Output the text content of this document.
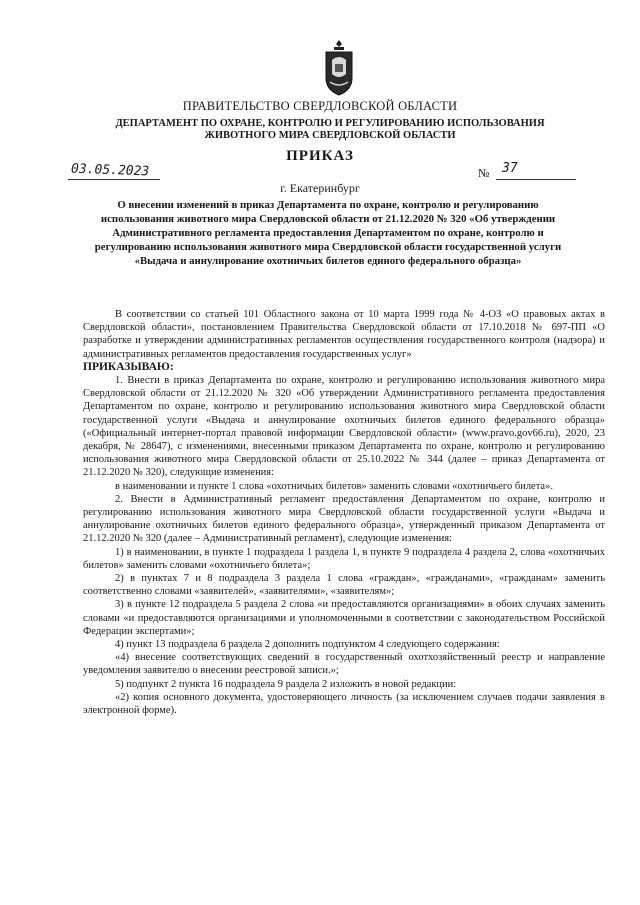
ПРАВИТЕЛЬСТВО СВЕРДЛОВСКОЙ ОБЛАСТИ
ДЕПАРТАМЕНТ ПО ОХРАНЕ, КОНТРОЛЮ И РЕГУЛИРОВАНИЮ ИСПОЛЬЗОВАНИЯ
ЖИВОТНОГО МИРА СВЕРДЛОВСКОЙ ОБЛАСТИ
ПРИКАЗ
03.05.2023	№ 37
г. Екатеринбург
О внесении изменений в приказ Департамента по охране, контролю и регулированию использования животного мира Свердловской области от 21.12.2020 № 320 «Об утверждении Административного регламента предоставления Департаментом по охране, контролю и регулированию использования животного мира Свердловской области государственной услуги «Выдача и аннулирование охотничьих билетов единого федерального образца»

В соответствии со статьей 101 Областного закона от 10 марта 1999 года № 4-ОЗ «О правовых актах в Свердловской области», постановлением Правительства Свердловской области от 17.10.2018 № 697-ПП «О разработке и утверждении административных регламентов осуществления государственного контроля (надзора) и административных регламентов предоставления государственных услуг»

ПРИКАЗЫВАЮ:

1. Внести в приказ Департамента по охране, контролю и регулированию использования животного мира Свердловской области от 21.12.2020 № 320 «Об утверждении Административного регламента предоставления Департаментом по охране, контролю и регулированию использования животного мира Свердловской области государственной услуги «Выдача и аннулирование охотничьих билетов единого федерального образца» («Официальный интернет-портал правовой информации Свердловской области» (www.pravo.gov66.ru), 2020, 23 декабря, № 28647), с изменениями, внесенными приказом Департамента по охране, контролю и регулированию использования животного мира Свердловской области от 25.10.2022 № 344 (далее – приказ Департамента от 21.12.2020 № 320), следующие изменения:

в наименовании и пункте 1 слова «охотничьих билетов» заменить словами «охотничьего билета».

2. Внести в Административный регламент предоставления Департаментом по охране, контролю и регулированию использования животного мира Свердловской области государственной услуги «Выдача и аннулирование охотничьих билетов единого федерального образца», утвержденный приказом Департамента от 21.12.2020 № 320 (далее – Административный регламент), следующие изменения:

1) в наименовании, в пункте 1 подраздела 1 раздела 1, в пункте 9 подраздела 4 раздела 2, слова «охотничьих билетов» заменить словами «охотничьего билета»;

2) в пунктах 7 и 8 подраздела 3 раздела 1 слова «граждан», «гражданами», «гражданам» заменить соответственно словами «заявителей», «заявителями», «заявителям»;

3) в пункте 12 подраздела 5 раздела 2 слова «и предоставляются организациями» в обоих случаях заменить словами «и предоставляются организациями и уполномоченными в соответствии с законодательством Российской Федерации экспертами»;

4) пункт 13 подраздела 6 раздела 2 дополнить подпунктом 4 следующего содержания:

«4) внесение соответствующих сведений в государственный охотхозяйственный реестр и направление уведомления заявителю о внесении реестровой записи.»;

5) подпункт 2 пункта 16 подраздела 9 раздела 2 изложить в новой редакции:

«2) копия основного документа, удостоверяющего личность (за исключением случаев подачи заявления в электронной форме).
